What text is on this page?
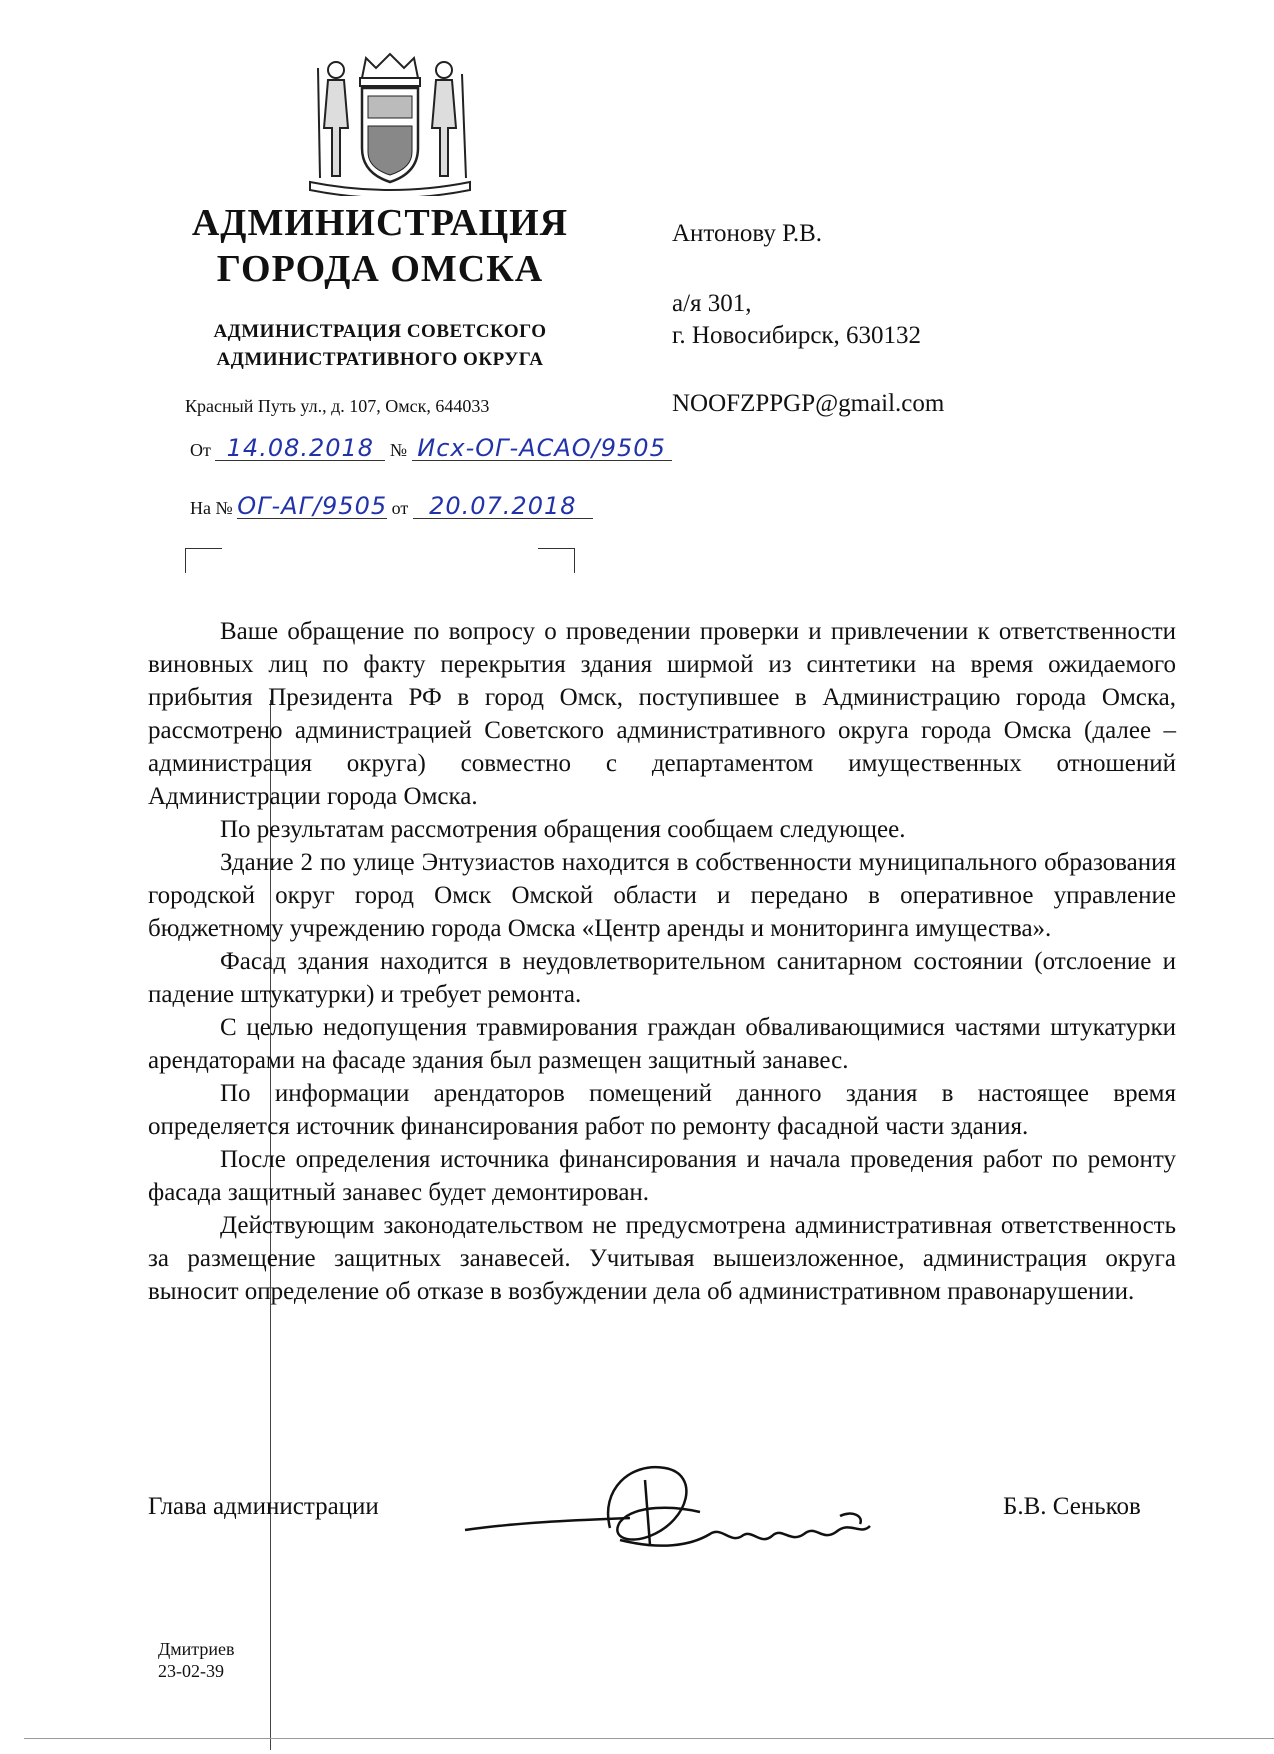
АДМИНИСТРАЦИЯ
ГОРОДА ОМСКА
АДМИНИСТРАЦИЯ СОВЕТСКОГО
АДМИНИСТРАТИВНОГО ОКРУГА
Красный Путь ул., д. 107, Омск, 644033
От 14.08.2018 № Исх-ОГ-АСАО/9505
На № ОГ-АГ/9505 от 20.07.2018
Антонову Р.В.
а/я 301,
г. Новосибирск, 630132
NOOFZPPGP@gmail.com

Ваше обращение по вопросу о проведении проверки и привлечении к ответственности виновных лиц по факту перекрытия здания ширмой из синтетики на время ожидаемого прибытия Президента РФ в город Омск, поступившее в Администрацию города Омска, рассмотрено администрацией Советского административного округа города Омска (далее – администрация округа) совместно с департаментом имущественных отношений Администрации города Омска.

По результатам рассмотрения обращения сообщаем следующее.

Здание 2 по улице Энтузиастов находится в собственности муниципального образования городской округ город Омск Омской области и передано в оперативное управление бюджетному учреждению города Омска «Центр аренды и мониторинга имущества».

Фасад здания находится в неудовлетворительном санитарном состоянии (отслоение и падение штукатурки) и требует ремонта.

С целью недопущения травмирования граждан обваливающимися частями штукатурки арендаторами на фасаде здания был размещен защитный занавес.

По информации арендаторов помещений данного здания в настоящее время определяется источник финансирования работ по ремонту фасадной части здания.

После определения источника финансирования и начала проведения работ по ремонту фасада защитный занавес будет демонтирован.

Действующим законодательством не предусмотрена административная ответственность за размещение защитных занавесей. Учитывая вышеизложенное, администрация округа выносит определение об отказе в возбуждении дела об административном правонарушении.

Глава администрации	Б.В. Сеньков
Дмитриев
23-02-39
